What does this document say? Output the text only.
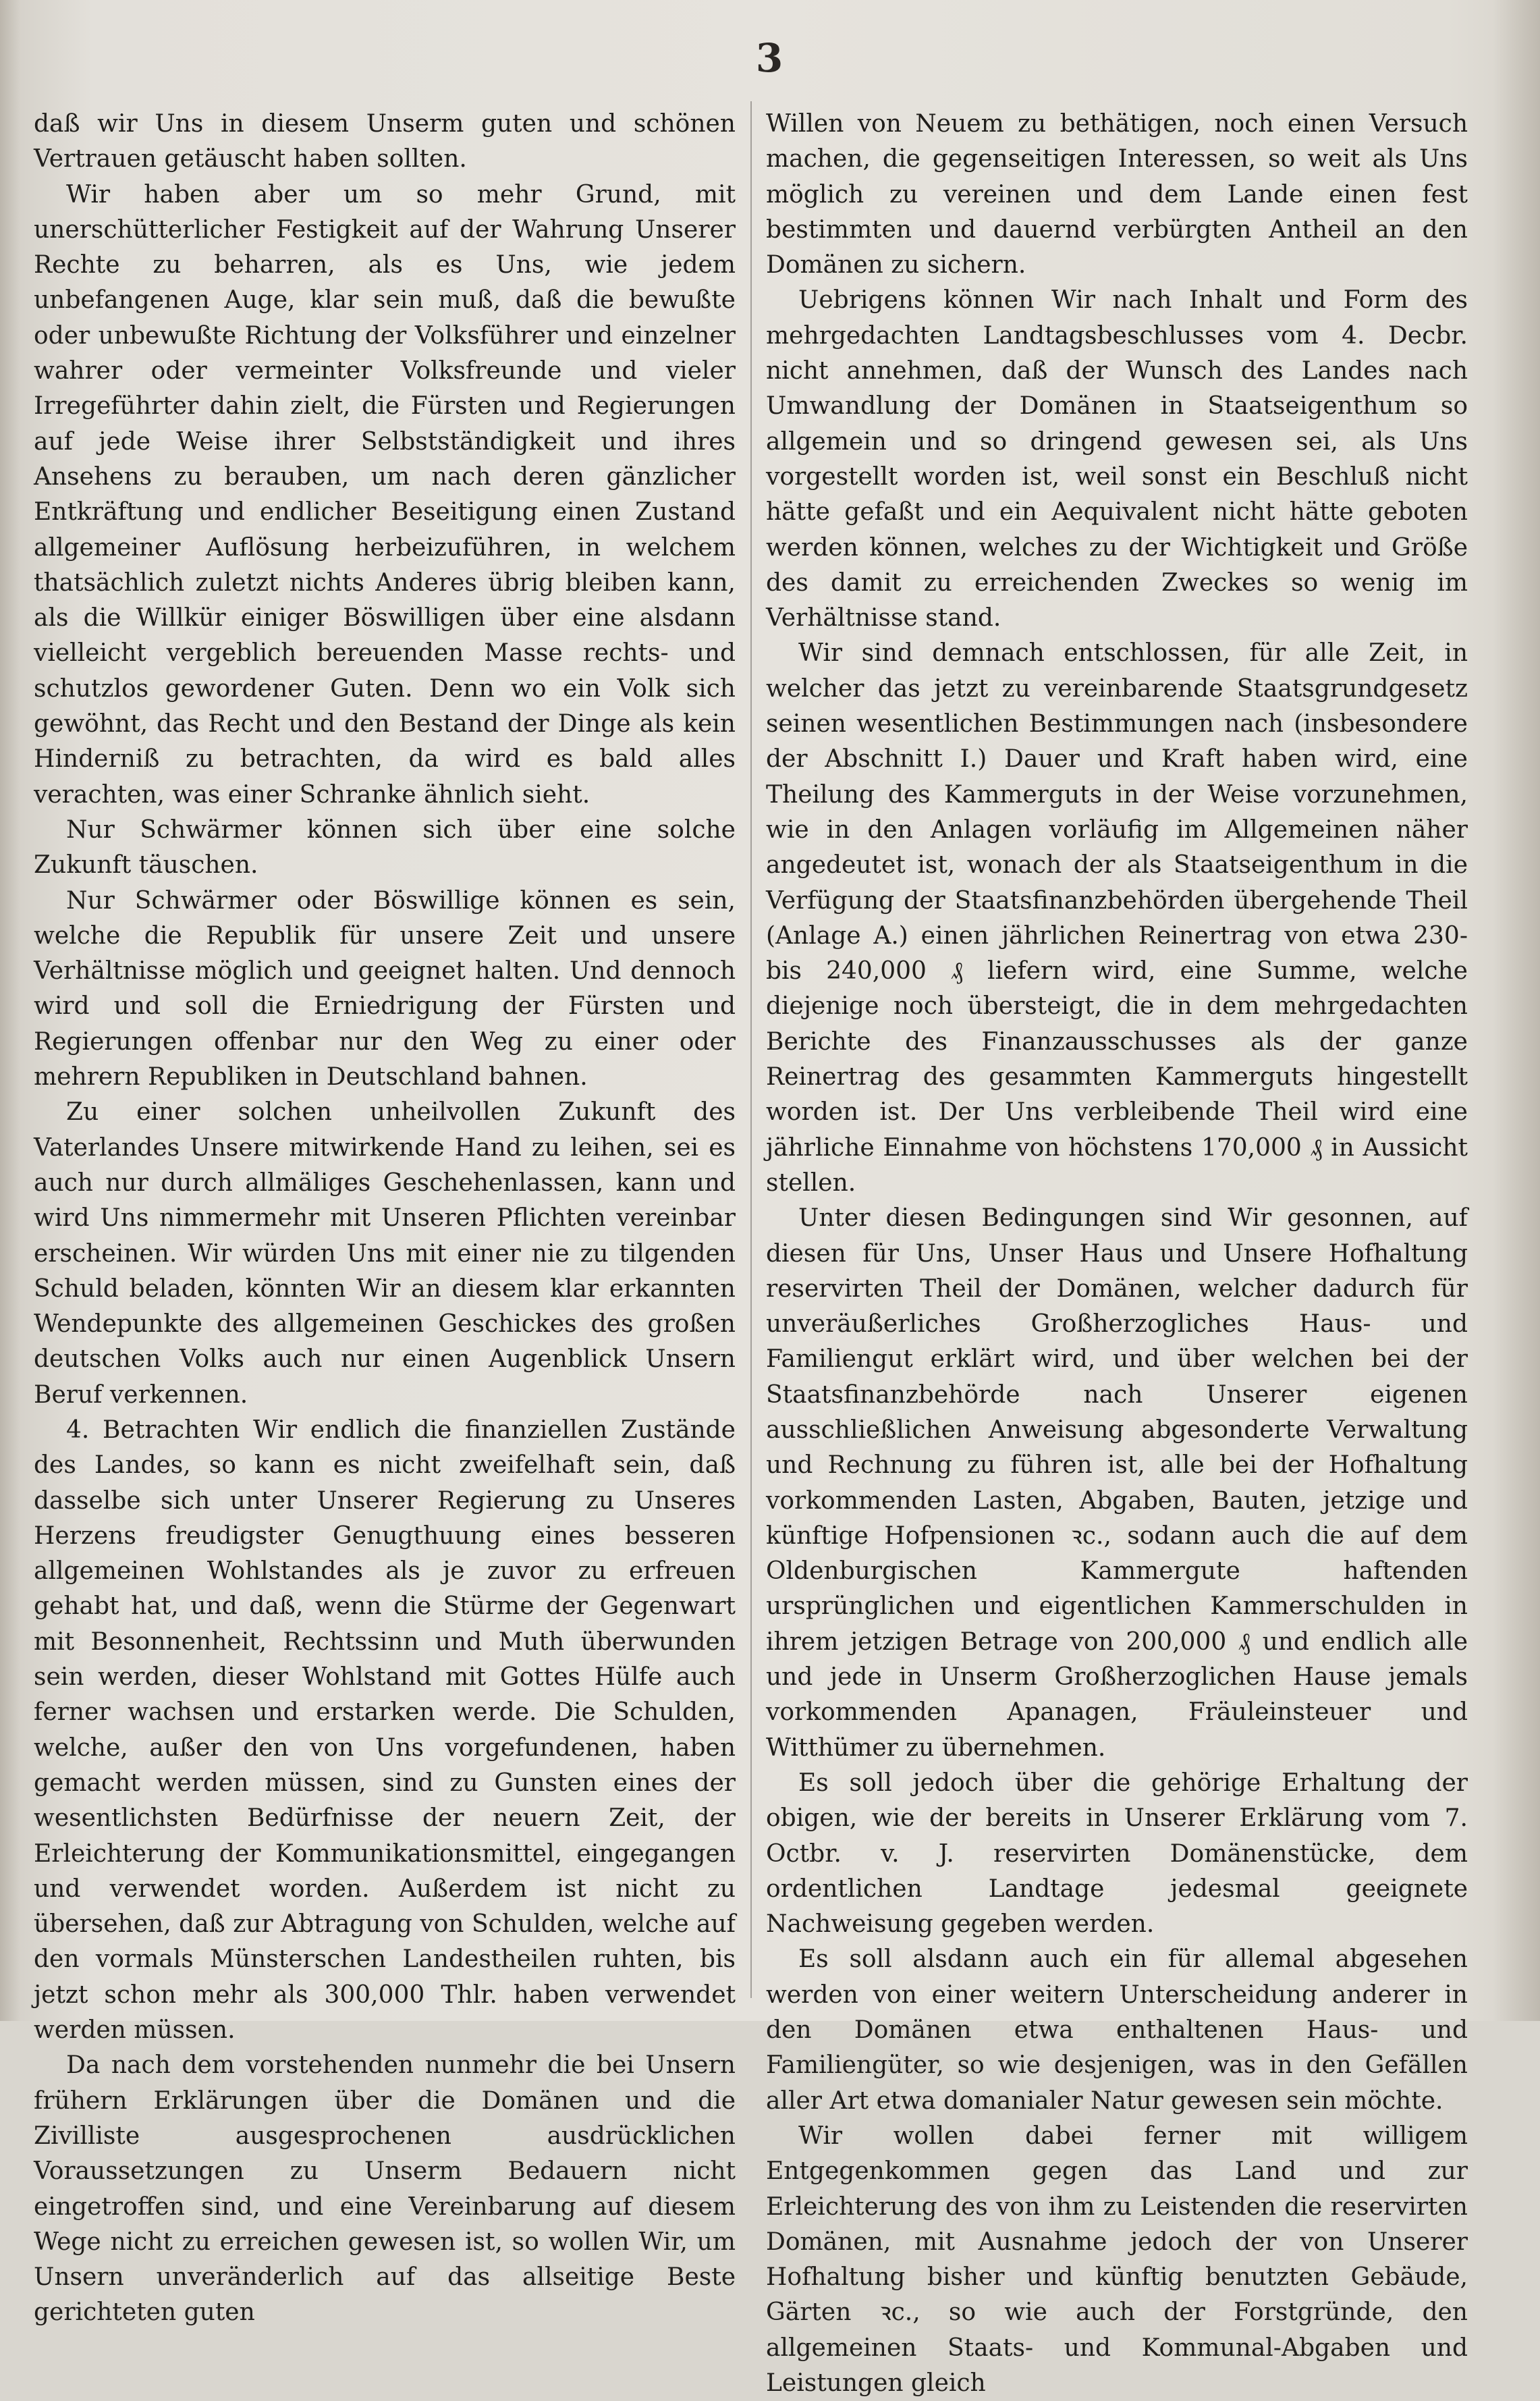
3

daß wir Uns in diesem Unserm guten und schönen Vertrauen getäuscht haben sollten.

Wir haben aber um so mehr Grund, mit unerschütterlicher Festigkeit auf der Wahrung Unserer Rechte zu beharren, als es Uns, wie jedem unbefangenen Auge, klar sein muß, daß die bewußte oder unbewußte Richtung der Volksführer und einzelner wahrer oder vermeinter Volksfreunde und vieler Irregeführter dahin zielt, die Fürsten und Regierungen auf jede Weise ihrer Selbstständigkeit und ihres Ansehens zu berauben, um nach deren gänzlicher Entkräftung und endlicher Beseitigung einen Zustand allgemeiner Auflösung herbeizuführen, in welchem thatsächlich zuletzt nichts Anderes übrig bleiben kann, als die Willkür einiger Böswilligen über eine alsdann vielleicht vergeblich bereuenden Masse rechts- und schutzlos gewordener Guten. Denn wo ein Volk sich gewöhnt, das Recht und den Bestand der Dinge als kein Hinderniß zu betrachten, da wird es bald alles verachten, was einer Schranke ähnlich sieht.

Nur Schwärmer können sich über eine solche Zukunft täuschen.

Nur Schwärmer oder Böswillige können es sein, welche die Republik für unsere Zeit und unsere Verhältnisse möglich und geeignet halten. Und dennoch wird und soll die Erniedrigung der Fürsten und Regierungen offenbar nur den Weg zu einer oder mehrern Republiken in Deutschland bahnen.

Zu einer solchen unheilvollen Zukunft des Vaterlandes Unsere mitwirkende Hand zu leihen, sei es auch nur durch allmäliges Geschehenlassen, kann und wird Uns nimmermehr mit Unseren Pflichten vereinbar erscheinen. Wir würden Uns mit einer nie zu tilgenden Schuld beladen, könnten Wir an diesem klar erkannten Wendepunkte des allgemeinen Geschickes des großen deutschen Volks auch nur einen Augenblick Unsern Beruf verkennen.

4. Betrachten Wir endlich die finanziellen Zustände des Landes, so kann es nicht zweifelhaft sein, daß dasselbe sich unter Unserer Regierung zu Unseres Herzens freudigster Genugthuung eines besseren allgemeinen Wohlstandes als je zuvor zu erfreuen gehabt hat, und daß, wenn die Stürme der Gegenwart mit Besonnenheit, Rechtssinn und Muth überwunden sein werden, dieser Wohlstand mit Gottes Hülfe auch ferner wachsen und erstarken werde. Die Schulden, welche, außer den von Uns vorgefundenen, haben gemacht werden müssen, sind zu Gunsten eines der wesentlichsten Bedürfnisse der neuern Zeit, der Erleichterung der Kommunikationsmittel, eingegangen und verwendet worden. Außerdem ist nicht zu übersehen, daß zur Abtragung von Schulden, welche auf den vormals Münsterschen Landestheilen ruhten, bis jetzt schon mehr als 300,000 Thlr. haben verwendet werden müssen.

Da nach dem vorstehenden nunmehr die bei Unsern frühern Erklärungen über die Domänen und die Zivilliste ausgesprochenen ausdrücklichen Voraussetzungen zu Unserm Bedauern nicht eingetroffen sind, und eine Vereinbarung auf diesem Wege nicht zu erreichen gewesen ist, so wollen Wir, um Unsern unveränderlich auf das allseitige Beste gerichteten guten

Willen von Neuem zu bethätigen, noch einen Versuch machen, die gegenseitigen Interessen, so weit als Uns möglich zu vereinen und dem Lande einen fest bestimmten und dauernd verbürgten Antheil an den Domänen zu sichern.

Uebrigens können Wir nach Inhalt und Form des mehrgedachten Landtagsbeschlusses vom 4. Decbr. nicht annehmen, daß der Wunsch des Landes nach Umwandlung der Domänen in Staatseigenthum so allgemein und so dringend gewesen sei, als Uns vorgestellt worden ist, weil sonst ein Beschluß nicht hätte gefaßt und ein Aequivalent nicht hätte geboten werden können, welches zu der Wichtigkeit und Größe des damit zu erreichenden Zweckes so wenig im Verhältnisse stand.

Wir sind demnach entschlossen, für alle Zeit, in welcher das jetzt zu vereinbarende Staatsgrundgesetz seinen wesentlichen Bestimmungen nach (insbesondere der Abschnitt I.) Dauer und Kraft haben wird, eine Theilung des Kammerguts in der Weise vorzunehmen, wie in den Anlagen vorläufig im Allgemeinen näher angedeutet ist, wonach der als Staatseigenthum in die Verfügung der Staatsfinanzbehörden übergehende Theil (Anlage A.) einen jährlichen Reinertrag von etwa 230- bis 240,000 ₰ liefern wird, eine Summe, welche diejenige noch übersteigt, die in dem mehrgedachten Berichte des Finanzausschusses als der ganze Reinertrag des gesammten Kammerguts hingestellt worden ist. Der Uns verbleibende Theil wird eine jährliche Einnahme von höchstens 170,000 ₰ in Aussicht stellen.

Unter diesen Bedingungen sind Wir gesonnen, auf diesen für Uns, Unser Haus und Unsere Hofhaltung reservirten Theil der Domänen, welcher dadurch für unveräußerliches Großherzogliches Haus- und Familiengut erklärt wird, und über welchen bei der Staatsfinanzbehörde nach Unserer eigenen ausschließlichen Anweisung abgesonderte Verwaltung und Rechnung zu führen ist, alle bei der Hofhaltung vorkommenden Lasten, Abgaben, Bauten, jetzige und künftige Hofpensionen ꝛc., sodann auch die auf dem Oldenburgischen Kammergute haftenden ursprünglichen und eigentlichen Kammerschulden in ihrem jetzigen Betrage von 200,000 ₰ und endlich alle und jede in Unserm Großherzoglichen Hause jemals vorkommenden Apanagen, Fräuleinsteuer und Witthümer zu übernehmen.

Es soll jedoch über die gehörige Erhaltung der obigen, wie der bereits in Unserer Erklärung vom 7. Octbr. v. J. reservirten Domänenstücke, dem ordentlichen Landtage jedesmal geeignete Nachweisung gegeben werden.

Es soll alsdann auch ein für allemal abgesehen werden von einer weitern Unterscheidung anderer in den Domänen etwa enthaltenen Haus- und Familiengüter, so wie desjenigen, was in den Gefällen aller Art etwa domanialer Natur gewesen sein möchte.

Wir wollen dabei ferner mit willigem Entgegenkommen gegen das Land und zur Erleichterung des von ihm zu Leistenden die reservirten Domänen, mit Ausnahme jedoch der von Unserer Hofhaltung bisher und künftig benutzten Gebäude, Gärten ꝛc., so wie auch der Forstgründe, den allgemeinen Staats- und Kommunal-Abgaben und Leistungen gleich
